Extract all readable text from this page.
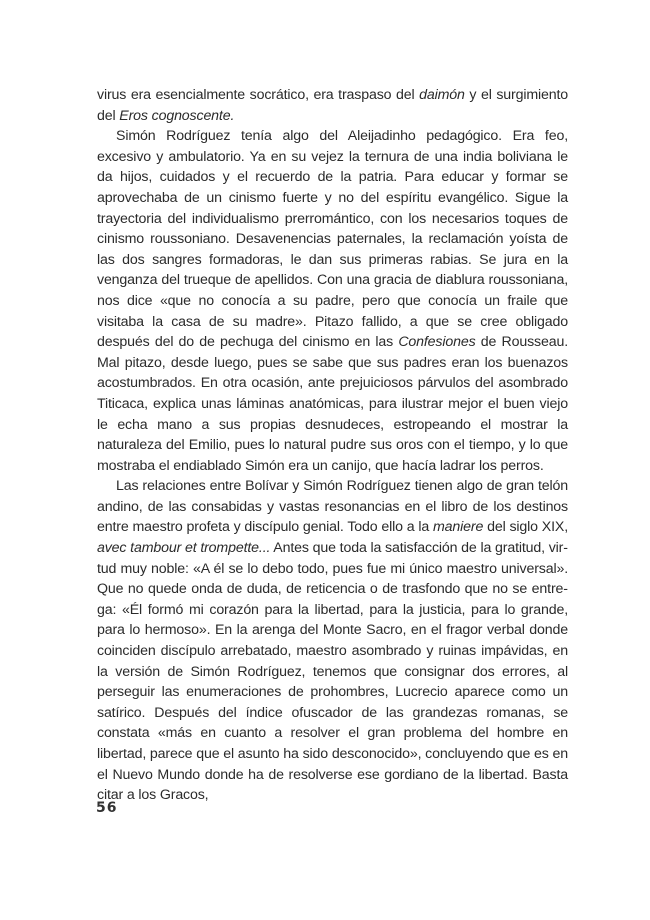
virus era esencialmente socrático, era traspaso del daimón y el surgimiento del Eros cognoscente.

Simón Rodríguez tenía algo del Aleijadinho pedagógico. Era feo, excesivo y ambulatorio. Ya en su vejez la ternura de una india boliviana le da hijos, cuidados y el recuerdo de la patria. Para educar y formar se aprovechaba de un cinismo fuerte y no del espíritu evangélico. Sigue la trayectoria del individualismo prerromántico, con los necesarios toques de cinismo roussoniano. Desavenencias paternales, la reclamación yoísta de las dos sangres formadoras, le dan sus primeras rabias. Se jura en la venganza del trueque de apellidos. Con una gracia de diablura roussoniana, nos dice «que no conocía a su padre, pero que conocía un fraile que visitaba la casa de su madre». Pitazo fallido, a que se cree obligado después del do de pechuga del cinismo en las Confesiones de Rousseau. Mal pitazo, desde luego, pues se sabe que sus padres eran los buenazos acostumbrados. En otra ocasión, ante prejuiciosos párvulos del asombrado Titicaca, explica unas láminas anatómicas, para ilustrar mejor el buen viejo le echa mano a sus propias desnudeces, estropeando el mostrar la naturaleza del Emilio, pues lo natural pudre sus oros con el tiempo, y lo que mostraba el endiablado Simón era un canijo, que hacía ladrar los perros.

Las relaciones entre Bolívar y Simón Rodríguez tienen algo de gran telón andino, de las consabidas y vastas resonancias en el libro de los destinos entre maestro profeta y discípulo genial. Todo ello a la maniere del siglo XIX, avec tambour et trompette... Antes que toda la satisfacción de la gratitud, virtud muy noble: «A él se lo debo todo, pues fue mi único maestro universal». Que no quede onda de duda, de reticencia o de trasfondo que no se entrega: «Él formó mi corazón para la libertad, para la justicia, para lo grande, para lo hermoso». En la arenga del Monte Sacro, en el fragor verbal donde coinciden discípulo arrebatado, maestro asombrado y ruinas impávidas, en la versión de Simón Rodríguez, tenemos que consignar dos errores, al perseguir las enumeraciones de prohombres, Lucrecio aparece como un satírico. Después del índice ofuscador de las grandezas romanas, se constata «más en cuanto a resolver el gran problema del hombre en libertad, parece que el asunto ha sido desconocido», concluyendo que es en el Nuevo Mundo donde ha de resolverse ese gordiano de la libertad. Basta citar a los Gracos,

56
